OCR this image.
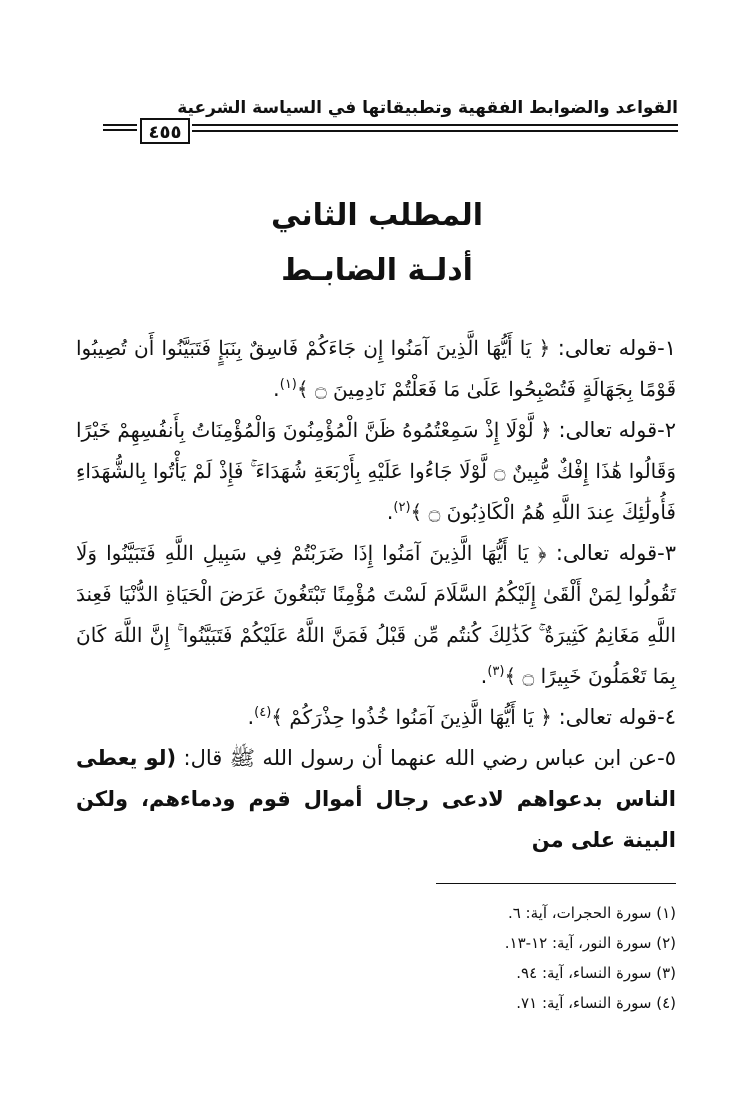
القواعد والضوابط الفقهية وتطبيقاتها في السياسة الشرعية
٤٥٥
المطلب الثاني
أدلـة الضابـط

١-قوله تعالى: ﴿ يَا أَيُّهَا الَّذِينَ آمَنُوا إِن جَاءَكُمْ فَاسِقٌ بِنَبَإٍ فَتَبَيَّنُوا أَن تُصِيبُوا قَوْمًا بِجَهَالَةٍ فَتُصْبِحُوا عَلَىٰ مَا فَعَلْتُمْ نَادِمِينَ ۝ ﴾$^{(١)}$.

٢-قوله تعالى: ﴿ لَّوْلَا إِذْ سَمِعْتُمُوهُ ظَنَّ الْمُؤْمِنُونَ وَالْمُؤْمِنَاتُ بِأَنفُسِهِمْ خَيْرًا وَقَالُوا هَٰذَا إِفْكٌ مُّبِينٌ ۝ لَّوْلَا جَاءُوا عَلَيْهِ بِأَرْبَعَةِ شُهَدَاءَ ۚ فَإِذْ لَمْ يَأْتُوا بِالشُّهَدَاءِ فَأُولَٰئِكَ عِندَ اللَّهِ هُمُ الْكَاذِبُونَ ۝ ﴾$^{(٢)}$.

٣-قوله تعالى: ﴿ يَا أَيُّهَا الَّذِينَ آمَنُوا إِذَا ضَرَبْتُمْ فِي سَبِيلِ اللَّهِ فَتَبَيَّنُوا وَلَا تَقُولُوا لِمَنْ أَلْقَىٰ إِلَيْكُمُ السَّلَامَ لَسْتَ مُؤْمِنًا تَبْتَغُونَ عَرَضَ الْحَيَاةِ الدُّنْيَا فَعِندَ اللَّهِ مَغَانِمُ كَثِيرَةٌ ۚ كَذَٰلِكَ كُنتُم مِّن قَبْلُ فَمَنَّ اللَّهُ عَلَيْكُمْ فَتَبَيَّنُوا ۚ إِنَّ اللَّهَ كَانَ بِمَا تَعْمَلُونَ خَبِيرًا ۝ ﴾$^{(٣)}$.

٤-قوله تعالى: ﴿ يَا أَيُّهَا الَّذِينَ آمَنُوا خُذُوا حِذْرَكُمْ ﴾$^{(٤)}$.

٥-عن ابن عباس رضي الله عنهما أن رسول الله ﷺ قال: (لو يعطى الناس بدعواهم لادعى رجال أموال قوم ودماءهم، ولكن البينة على من

(١) سورة الحجرات، آية: ٦.
(٢) سورة النور، آية: ١٢-١٣.
(٣) سورة النساء، آية: ٩٤.
(٤) سورة النساء، آية: ٧١.
